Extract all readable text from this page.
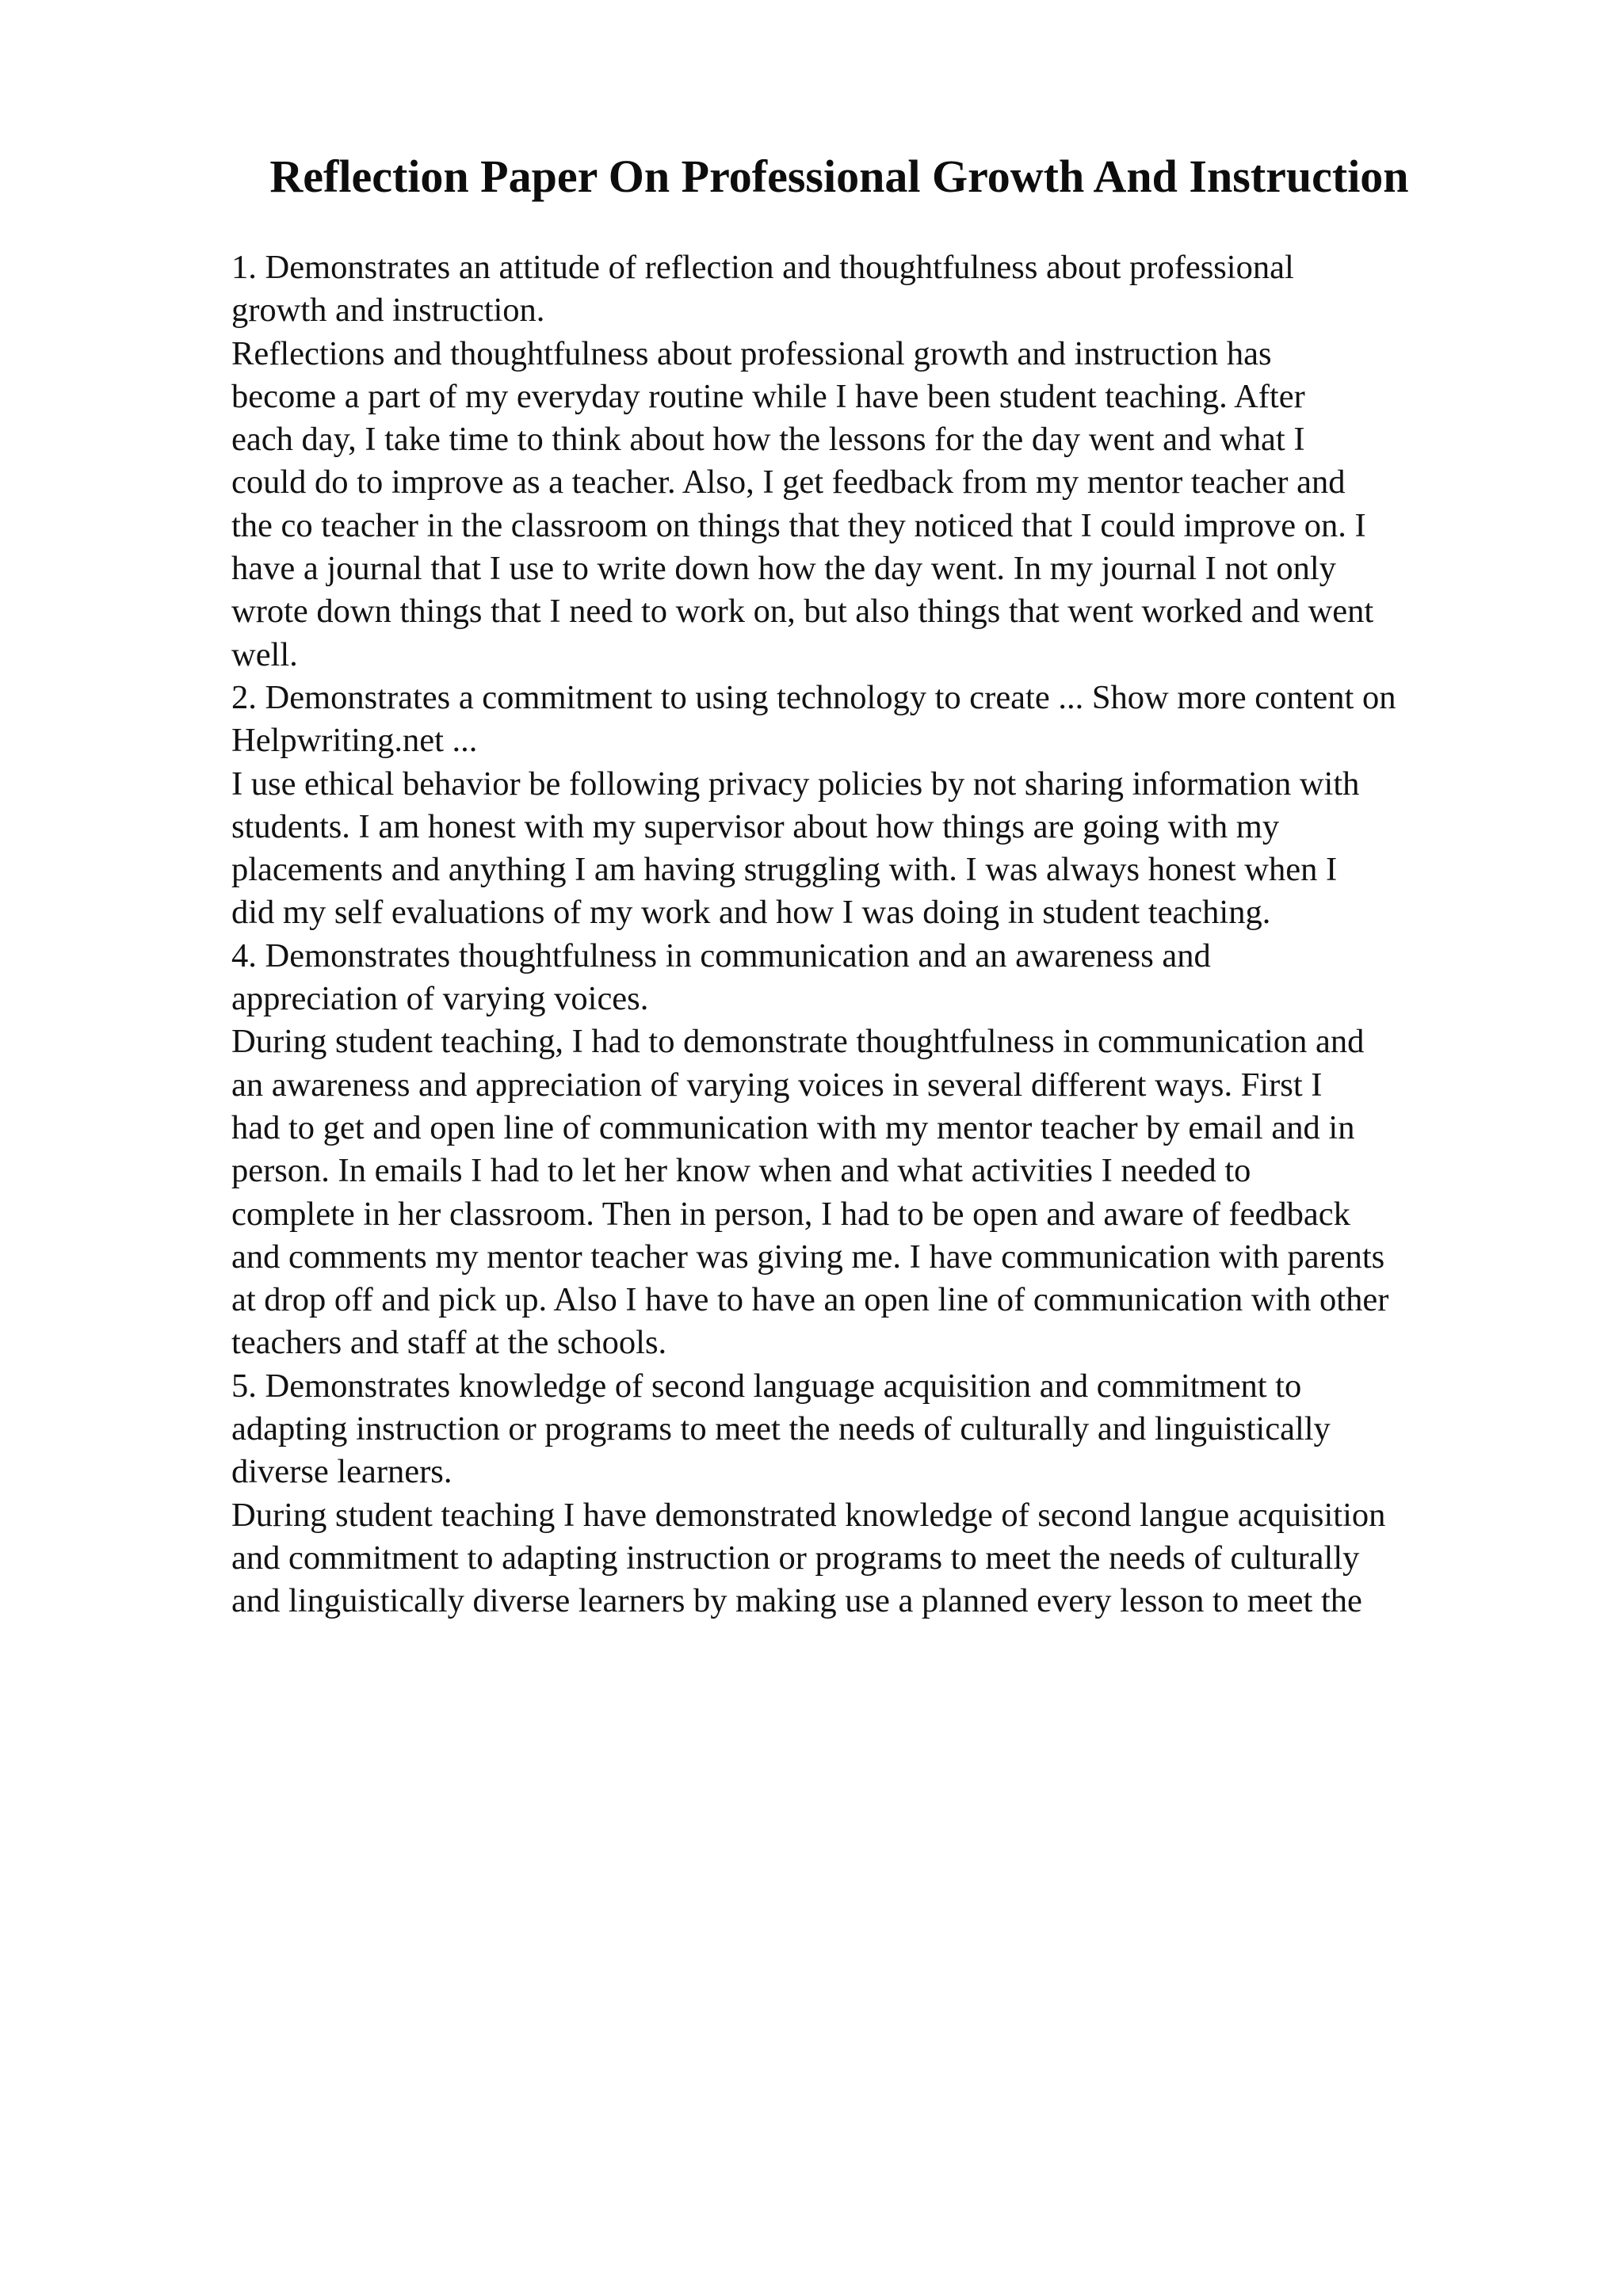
Reflection Paper On Professional Growth And Instruction
1. Demonstrates an attitude of reflection and thoughtfulness about professional
growth and instruction.
Reflections and thoughtfulness about professional growth and instruction has
become a part of my everyday routine while I have been student teaching. After
each day, I take time to think about how the lessons for the day went and what I
could do to improve as a teacher. Also, I get feedback from my mentor teacher and
the co teacher in the classroom on things that they noticed that I could improve on. I
have a journal that I use to write down how the day went. In my journal I not only
wrote down things that I need to work on, but also things that went worked and went
well.
2. Demonstrates a commitment to using technology to create ... Show more content on
Helpwriting.net ...
I use ethical behavior be following privacy policies by not sharing information with
students. I am honest with my supervisor about how things are going with my
placements and anything I am having struggling with. I was always honest when I
did my self evaluations of my work and how I was doing in student teaching.
4. Demonstrates thoughtfulness in communication and an awareness and
appreciation of varying voices.
During student teaching, I had to demonstrate thoughtfulness in communication and
an awareness and appreciation of varying voices in several different ways. First I
had to get and open line of communication with my mentor teacher by email and in
person. In emails I had to let her know when and what activities I needed to
complete in her classroom. Then in person, I had to be open and aware of feedback
and comments my mentor teacher was giving me. I have communication with parents
at drop off and pick up. Also I have to have an open line of communication with other
teachers and staff at the schools.
5. Demonstrates knowledge of second language acquisition and commitment to
adapting instruction or programs to meet the needs of culturally and linguistically
diverse learners.
During student teaching I have demonstrated knowledge of second langue acquisition
and commitment to adapting instruction or programs to meet the needs of culturally
and linguistically diverse learners by making use a planned every lesson to meet the
